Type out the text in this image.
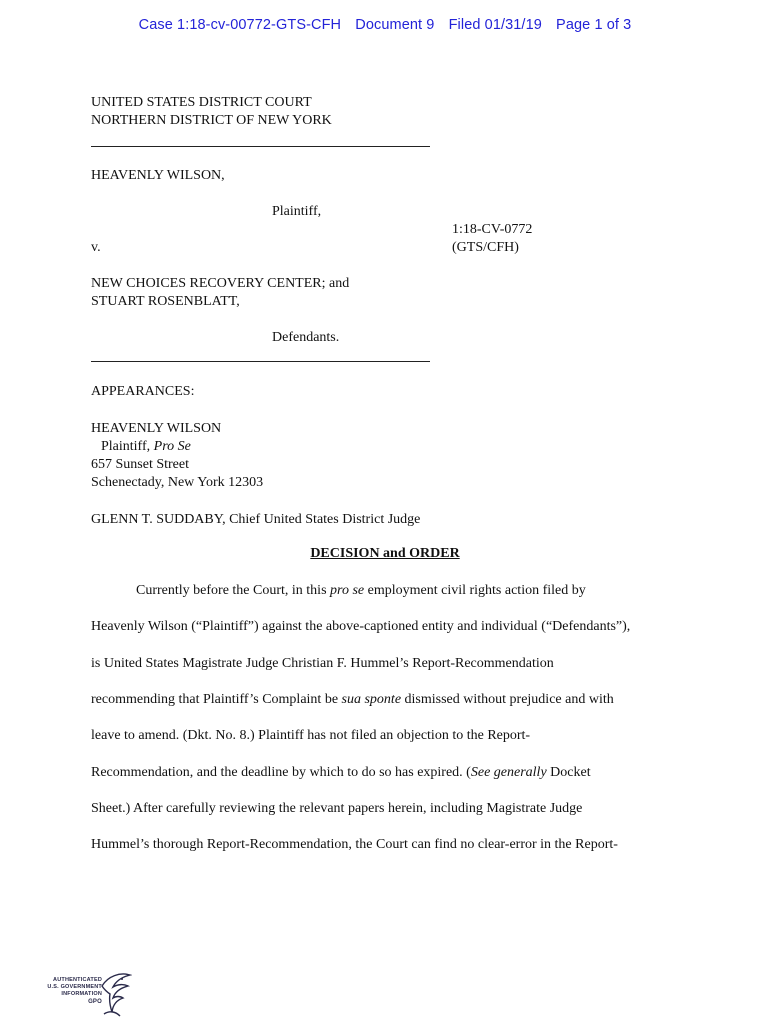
Case 1:18-cv-00772-GTS-CFH Document 9 Filed 01/31/19 Page 1 of 3
UNITED STATES DISTRICT COURT
NORTHERN DISTRICT OF NEW YORK
HEAVENLY WILSON,
Plaintiff,
1:18-CV-0772
v.	(GTS/CFH)
NEW CHOICES RECOVERY CENTER; and
STUART ROSENBLATT,
Defendants.
APPEARANCES:
HEAVENLY WILSON
Plaintiff, Pro Se
657 Sunset Street
Schenectady, New York 12303
GLENN T. SUDDABY, Chief United States District Judge
DECISION and ORDER
Currently before the Court, in this pro se employment civil rights action filed by
Heavenly Wilson (“Plaintiff”) against the above-captioned entity and individual (“Defendants”),
is United States Magistrate Judge Christian F. Hummel’s Report-Recommendation
recommending that Plaintiff’s Complaint be sua sponte dismissed without prejudice and with
leave to amend. (Dkt. No. 8.) Plaintiff has not filed an objection to the Report-
Recommendation, and the deadline by which to do so has expired. (See generally Docket
Sheet.) After carefully reviewing the relevant papers herein, including Magistrate Judge
Hummel’s thorough Report-Recommendation, the Court can find no clear-error in the Report-
AUTHENTICATED
U.S. GOVERNMENT
INFORMATION
GPO
